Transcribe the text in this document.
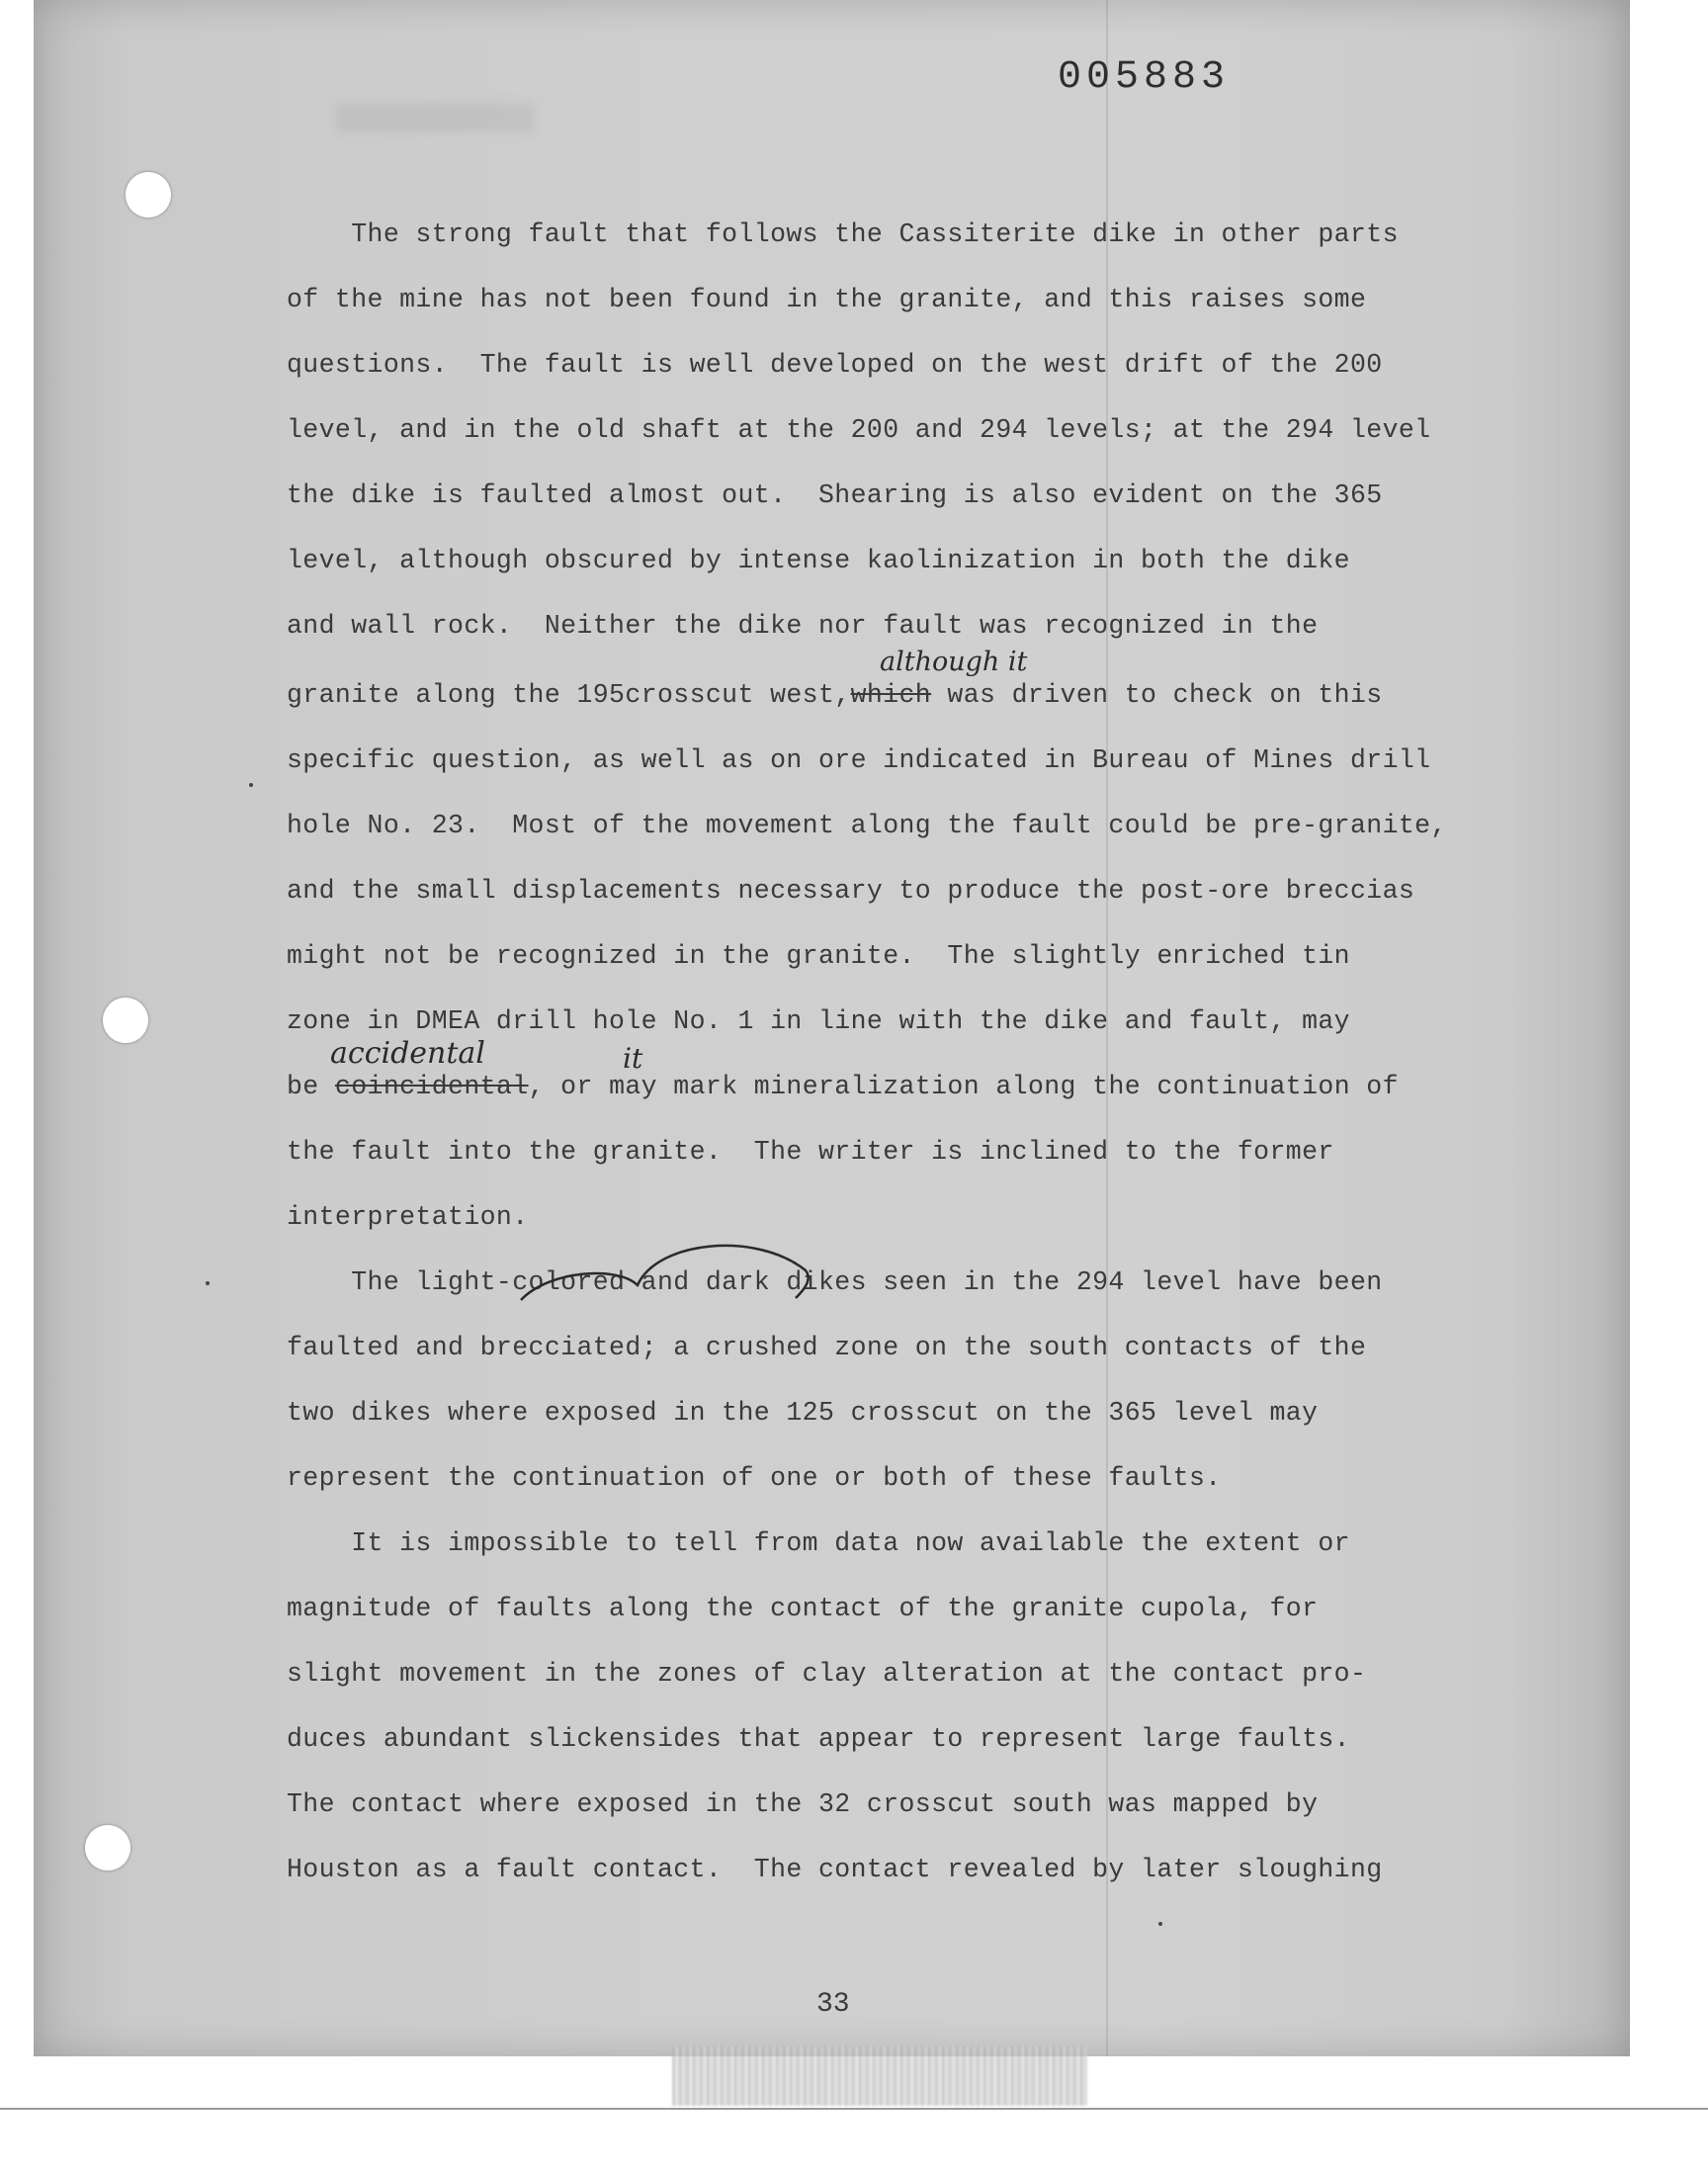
005883
The strong fault that follows the Cassiterite dike in other parts
of the mine has not been found in the granite, and this raises some
questions.  The fault is well developed on the west drift of the 200
level, and in the old shaft at the 200 and 294 levels; at the 294 level
the dike is faulted almost out.  Shearing is also evident on the 365
level, although obscured by intense kaolinization in both the dike
and wall rock.  Neither the dike nor fault was recognized in the
granite along the 195crosscut west,which was driven to check on this
although it
specific question, as well as on ore indicated in Bureau of Mines drill
hole No. 23.  Most of the movement along the fault could be pre-granite,
and the small displacements necessary to produce the post-ore breccias
might not be recognized in the granite.  The slightly enriched tin
zone in DMEA drill hole No. 1 in line with the dike and fault, may
be coincidental, or may mark mineralization along the continuation of
accidental	it
the fault into the granite.  The writer is inclined to the former
interpretation.
The light-colored and dark dikes seen in the 294 level have been
faulted and brecciated; a crushed zone on the south contacts of the
two dikes where exposed in the 125 crosscut on the 365 level may
represent the continuation of one or both of these faults.
It is impossible to tell from data now available the extent or
magnitude of faults along the contact of the granite cupola, for
slight movement in the zones of clay alteration at the contact pro-
duces abundant slickensides that appear to represent large faults.
The contact where exposed in the 32 crosscut south was mapped by
Houston as a fault contact.  The contact revealed by later sloughing
33
